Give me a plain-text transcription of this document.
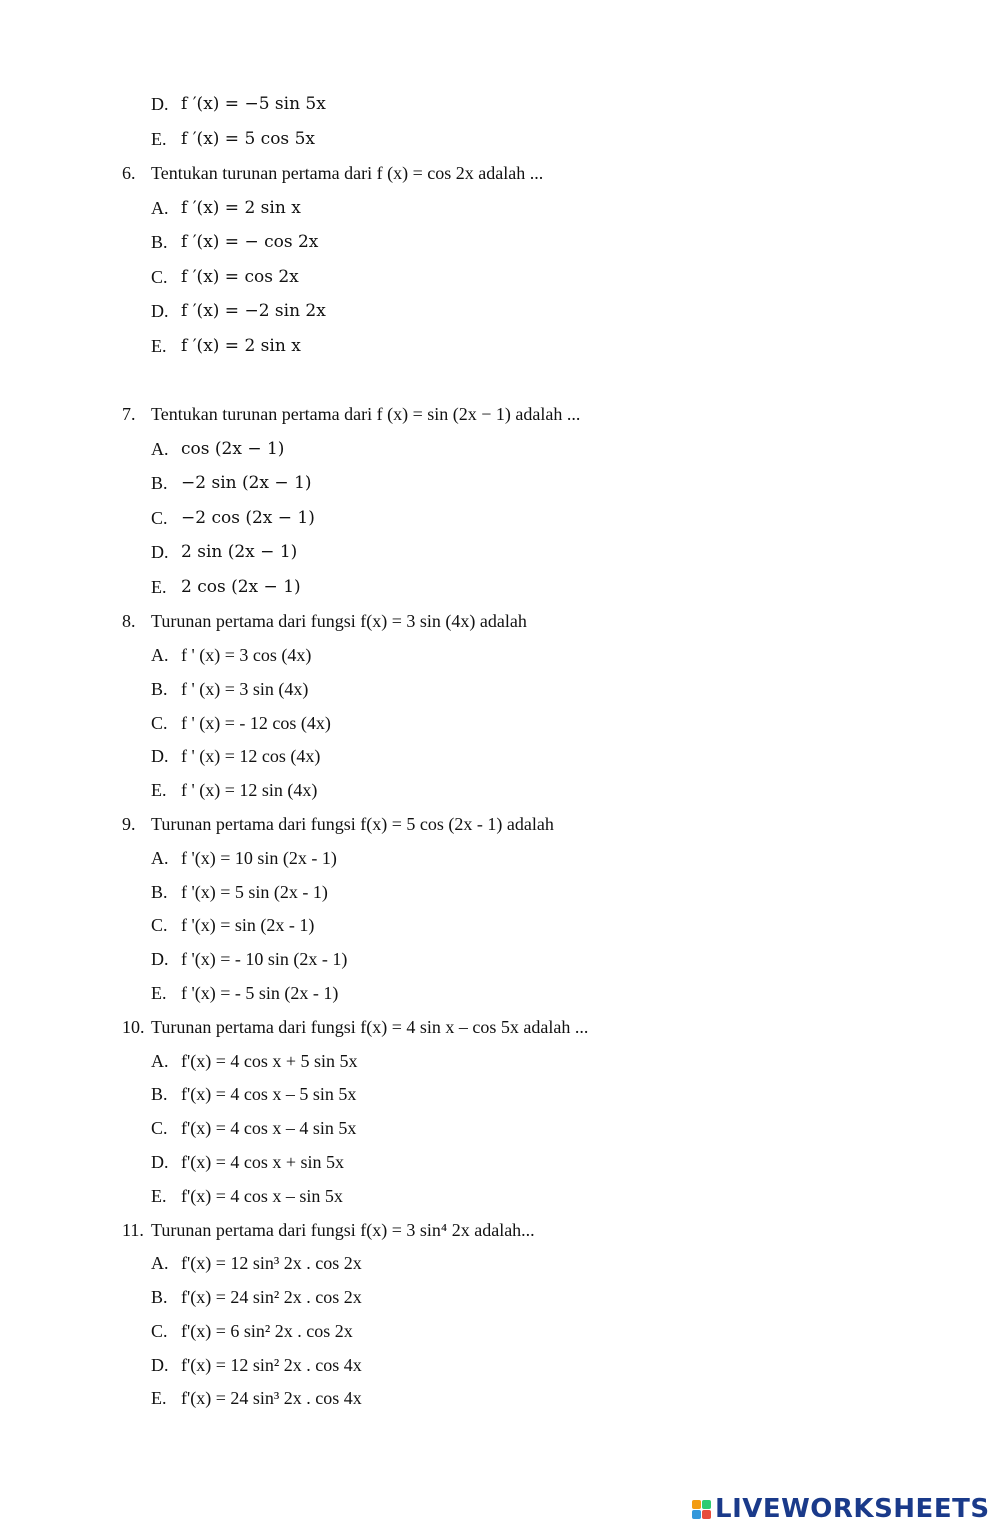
D. f ′(x) = −5 sin 5x
E. f ′(x) = 5 cos 5x
6. Tentukan turunan pertama dari f (x) = cos 2x adalah ...
A. f ′(x) = 2 sin x
B. f ′(x) = − cos 2x
C. f ′(x) = cos 2x
D. f ′(x) = −2 sin 2x
E. f ′(x) = 2 sin x
7. Tentukan turunan pertama dari f (x) = sin (2x − 1) adalah ...
A. cos (2x − 1)
B. −2 sin (2x − 1)
C. −2 cos (2x − 1)
D. 2 sin (2x − 1)
E. 2 cos (2x − 1)
8. Turunan pertama dari fungsi f(x) = 3 sin (4x) adalah
A. f ' (x) = 3 cos (4x)
B. f ' (x) = 3 sin (4x)
C. f ' (x) = - 12 cos (4x)
D. f ' (x) = 12 cos (4x)
E. f ' (x) = 12 sin (4x)
9. Turunan pertama dari fungsi f(x) = 5 cos (2x - 1) adalah
A. f '(x) = 10 sin (2x - 1)
B. f '(x) = 5 sin (2x - 1)
C. f '(x) = sin (2x - 1)
D. f '(x) = - 10 sin (2x - 1)
E. f '(x) = - 5 sin (2x - 1)
10. Turunan pertama dari fungsi f(x) = 4 sin x – cos 5x adalah ...
A. f'(x) = 4 cos x + 5 sin 5x
B. f'(x) = 4 cos x – 5 sin 5x
C. f'(x) = 4 cos x – 4 sin 5x
D. f'(x) = 4 cos x + sin 5x
E. f'(x) = 4 cos x – sin 5x
11. Turunan pertama dari fungsi f(x) = 3 sin⁴ 2x adalah...
A. f'(x) = 12 sin³ 2x . cos 2x
B. f'(x) = 24 sin² 2x . cos 2x
C. f'(x) = 6 sin² 2x . cos 2x
D. f'(x) = 12 sin² 2x . cos 4x
E. f'(x) = 24 sin³ 2x . cos 4x
LIVEWORKSHEETS
